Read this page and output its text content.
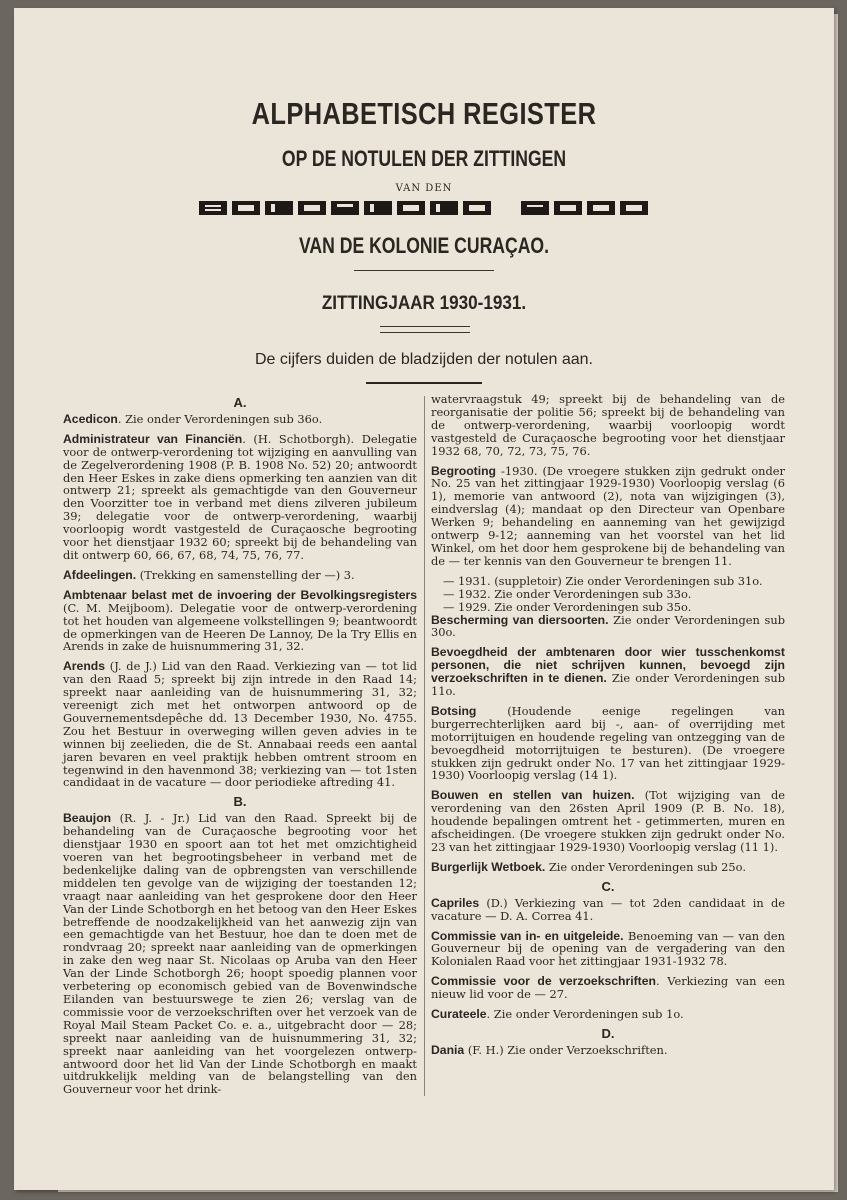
ALPHABETISCH REGISTER
OP DE NOTULEN DER ZITTINGEN
VAN DEN
VAN DE KOLONIE CURAÇAO.
ZITTINGJAAR 1930-1931.
De cijfers duiden de bladzijden der notulen aan.
A.
Acedicon. Zie onder Verordeningen sub 36o.
Administrateur van Financiën. (H. Schotborgh). Delegatie voor de ontwerp-verordening tot wijziging en aanvulling van de Zegelverordening 1908 (P. B. 1908 No. 52) 20; antwoordt den Heer Eskes in zake diens opmerking ten aanzien van dit ontwerp 21; spreekt als gemachtigde van den Gouverneur den Voorzitter toe in verband met diens zilveren jubileum 39; delegatie voor de ontwerp-verordening, waarbij voorloopig wordt vastgesteld de Curaçaosche begrooting voor het dienstjaar 1932 60; spreekt bij de behandeling van dit ontwerp 60, 66, 67, 68, 74, 75, 76, 77.
Afdeelingen. (Trekking en samenstelling der —) 3.
Ambtenaar belast met de invoering der Bevolkingsregisters (C. M. Meijboom). Delegatie voor de ontwerp-verordening tot het houden van algemeene volkstellingen 9; beantwoordt de opmerkingen van de Heeren De Lannoy, De la Try Ellis en Arends in zake de huisnummering 31, 32.
Arends (J. de J.) Lid van den Raad. Verkiezing van — tot lid van den Raad 5; spreekt bij zijn intrede in den Raad 14; spreekt naar aanleiding van de huisnummering 31, 32; vereenigt zich met het ontworpen antwoord op de Gouvernementsdepêche dd. 13 December 1930, No. 4755. Zou het Bestuur in overweging willen geven advies in te winnen bij zeelieden, die de St. Annabaai reeds een aantal jaren bevaren en veel praktijk hebben omtrent stroom en tegenwind in den havenmond 38; verkiezing van — tot 1sten candidaat in de vacature — door periodieke aftreding 41.
B.
Beaujon (R. J. - Jr.) Lid van den Raad. Spreekt bij de behandeling van de Curaçaosche begrooting voor het dienstjaar 1930 en spoort aan tot het met omzichtigheid voeren van het begrootingsbeheer in verband met de bedenkelijke daling van de opbrengsten van verschillende middelen ten gevolge van de wijziging der toestanden 12; vraagt naar aanleiding van het gesprokene door den Heer Van der Linde Schotborgh en het betoog van den Heer Eskes betreffende de noodzakelijkheid van het aanwezig zijn van een gemachtigde van het Bestuur, hoe dan te doen met de rondvraag 20; spreekt naar aanleiding van de opmerkingen in zake den weg naar St. Nicolaas op Aruba van den Heer Van der Linde Schotborgh 26; hoopt spoedig plannen voor verbetering op economisch gebied van de Bovenwindsche Eilanden van bestuurswege te zien 26; verslag van de commissie voor de verzoekschriften over het verzoek van de Royal Mail Steam Packet Co. e. a., uitgebracht door — 28; spreekt naar aanleiding van de huisnummering 31, 32; spreekt naar aanleiding van het voorgelezen ontwerp-antwoord door het lid Van der Linde Schotborgh en maakt uitdrukkelijk melding van de belangstelling van den Gouverneur voor het drink-
watervraagstuk 49; spreekt bij de behandeling van de reorganisatie der politie 56; spreekt bij de behandeling van de ontwerp-verordening, waarbij voorloopig wordt vastgesteld de Curaçaosche begrooting voor het dienstjaar 1932 68, 70, 72, 73, 75, 76.
Begrooting -1930. (De vroegere stukken zijn gedrukt onder No. 25 van het zittingjaar 1929-1930) Voorloopig verslag (6 1), memorie van antwoord (2), nota van wijzigingen (3), eindverslag (4); mandaat op den Directeur van Openbare Werken 9; behandeling en aanneming van het gewijzigd ontwerp 9-12; aanneming van het voorstel van het lid Winkel, om het door hem gesprokene bij de behandeling van de — ter kennis van den Gouverneur te brengen 11.
— 1931. (suppletoir) Zie onder Verordeningen sub 31o.
— 1932. Zie onder Verordeningen sub 33o.
— 1929. Zie onder Verordeningen sub 35o.
Bescherming van diersoorten. Zie onder Verordeningen sub 30o.
Bevoegdheid der ambtenaren door wier tusschenkomst personen, die niet schrijven kunnen, bevoegd zijn verzoekschriften in te dienen. Zie onder Verordeningen sub 11o.
Botsing (Houdende eenige regelingen van burgerrechterlijken aard bij -, aan- of overrijding met motorrijtuigen en houdende regeling van ontzegging van de bevoegdheid motorrijtuigen te besturen). (De vroegere stukken zijn gedrukt onder No. 17 van het zittingjaar 1929-1930) Voorloopig verslag (14 1).
Bouwen en stellen van huizen. (Tot wijziging van de verordening van den 26sten April 1909 (P. B. No. 18), houdende bepalingen omtrent het - getimmerten, muren en afscheidingen. (De vroegere stukken zijn gedrukt onder No. 23 van het zittingjaar 1929-1930) Voorloopig verslag (11 1).
Burgerlijk Wetboek. Zie onder Verordeningen sub 25o.
C.
Capriles (D.) Verkiezing van — tot 2den candidaat in de vacature — D. A. Correa 41.
Commissie van in- en uitgeleide. Benoeming van — van den Gouverneur bij de opening van de vergadering van den Kolonialen Raad voor het zittingjaar 1931-1932 78.
Commissie voor de verzoekschriften. Verkiezing van een nieuw lid voor de — 27.
Curateele. Zie onder Verordeningen sub 1o.
D.
Dania (F. H.) Zie onder Verzoekschriften.
